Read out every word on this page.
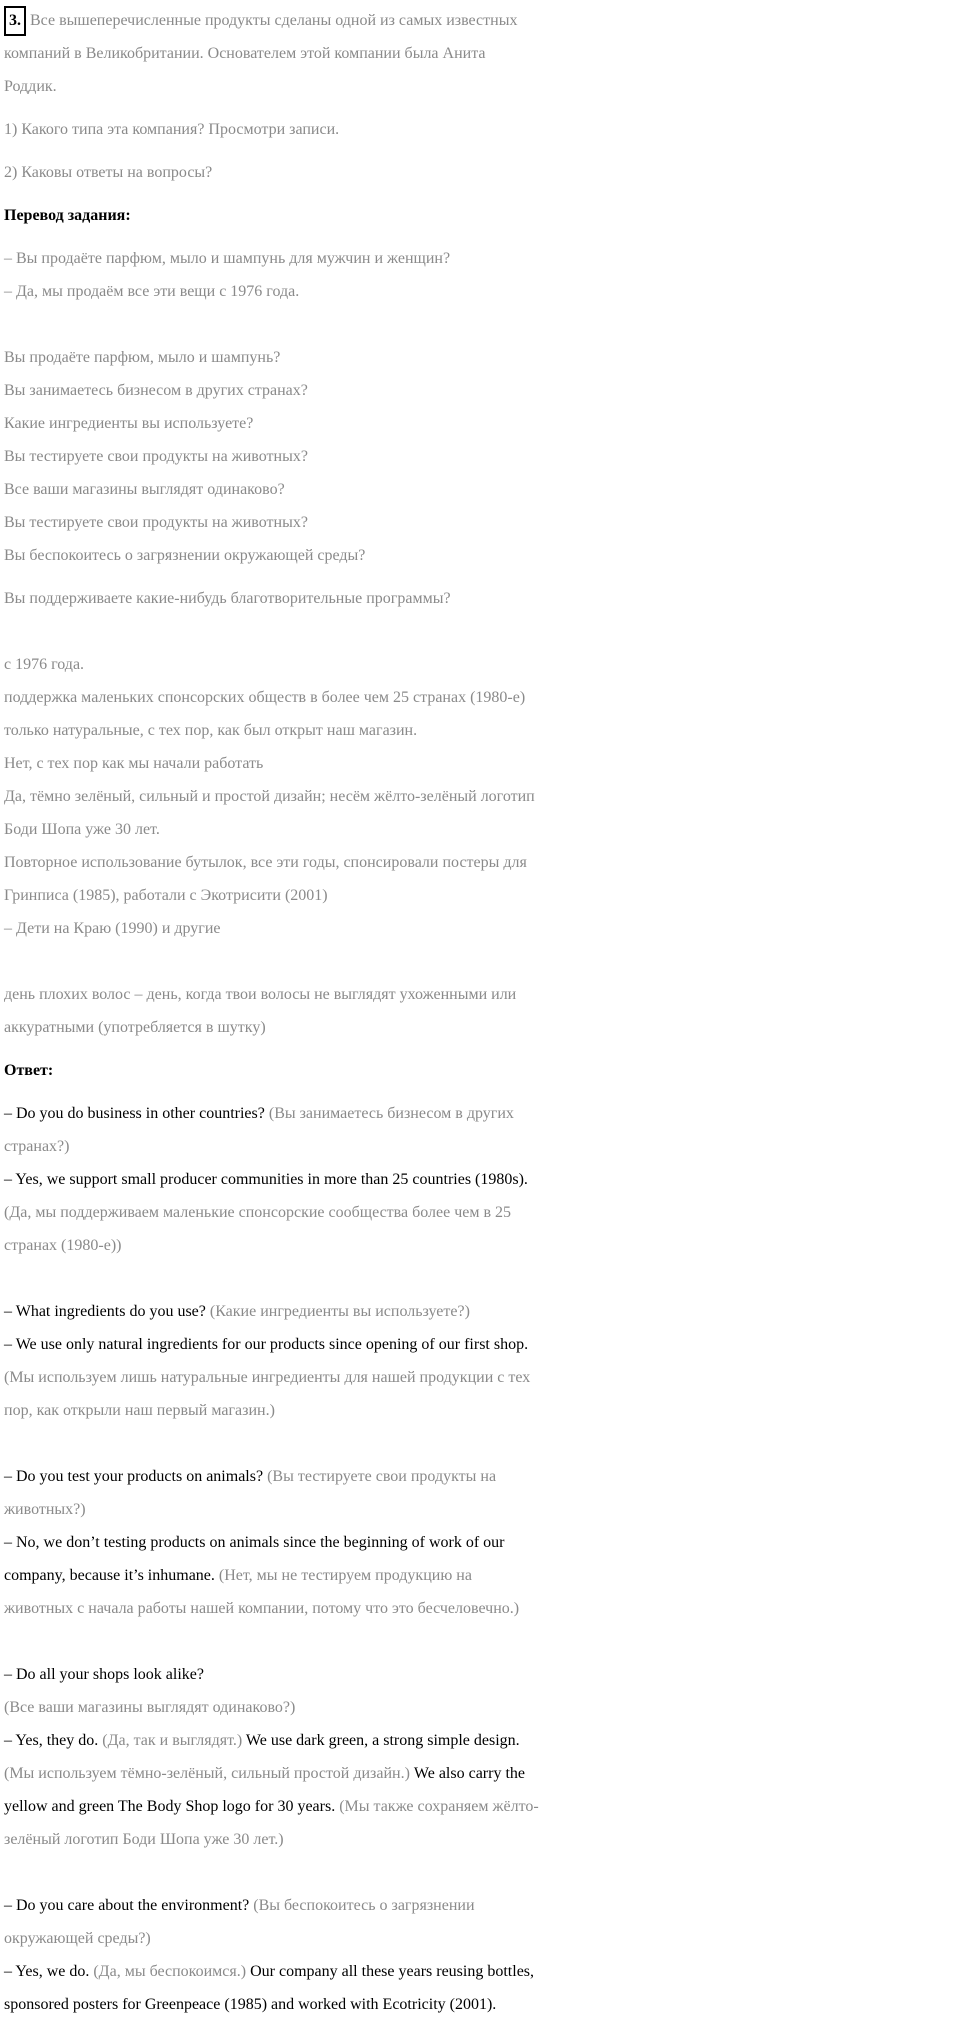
3. Все вышеперечисленные продукты сделаны одной из самых известных
компаний в Великобритании. Основателем этой компании была Анита
Роддик.
1) Какого типа эта компания? Просмотри записи.
2) Каковы ответы на вопросы?
Перевод задания:
– Вы продаёте парфюм, мыло и шампунь для мужчин и женщин?
– Да, мы продаём все эти вещи с 1976 года.
Вы продаёте парфюм, мыло и шампунь?
Вы занимаетесь бизнесом в других странах?
Какие ингредиенты вы используете?
Вы тестируете свои продукты на животных?
Все ваши магазины выглядят одинаково?
Вы тестируете свои продукты на животных?
Вы беспокоитесь о загрязнении окружающей среды?
Вы поддерживаете какие-нибудь благотворительные программы?
с 1976 года.
поддержка маленьких спонсорских обществ в более чем 25 странах (1980-е)
только натуральные, с тех пор, как был открыт наш магазин.
Нет, с тех пор как мы начали работать
Да, тёмно зелёный, сильный и простой дизайн; несём жёлто-зелёный логотип
Боди Шопа уже 30 лет.
Повторное использование бутылок, все эти годы, спонсировали постеры для
Гринписа (1985), работали с Экотрисити (2001)
– Дети на Краю (1990) и другие
день плохих волос – день, когда твои волосы не выглядят ухоженными или
аккуратными (употребляется в шутку)
Ответ:
– Do you do business in other countries? (Вы занимаетесь бизнесом в других
странах?)
– Yes, we support small producer communities in more than 25 countries (1980s).
(Да, мы поддерживаем маленькие спонсорские сообщества более чем в 25
странах (1980-е))
– What ingredients do you use? (Какие ингредиенты вы используете?)
– We use only natural ingredients for our products since opening of our first shop.
(Мы используем лишь натуральные ингредиенты для нашей продукции с тех
пор, как открыли наш первый магазин.)
– Do you test your products on animals? (Вы тестируете свои продукты на
животных?)
– No, we don’t testing products on animals since the beginning of work of our
company, because it’s inhumane. (Нет, мы не тестируем продукцию на
животных с начала работы нашей компании, потому что это бесчеловечно.)
– Do all your shops look alike?
(Все ваши магазины выглядят одинаково?)
– Yes, they do. (Да, так и выглядят.) We use dark green, a strong simple design.
(Мы используем тёмно-зелёный, сильный простой дизайн.) We also carry the
yellow and green The Body Shop logo for 30 years. (Мы также сохраняем жёлто-
зелёный логотип Боди Шопа уже 30 лет.)
– Do you care about the environment? (Вы беспокоитесь о загрязнении
окружающей среды?)
– Yes, we do. (Да, мы беспокоимся.) Our company all these years reusing bottles,
sponsored posters for Greenpeace (1985) and worked with Ecotricity (2001).
